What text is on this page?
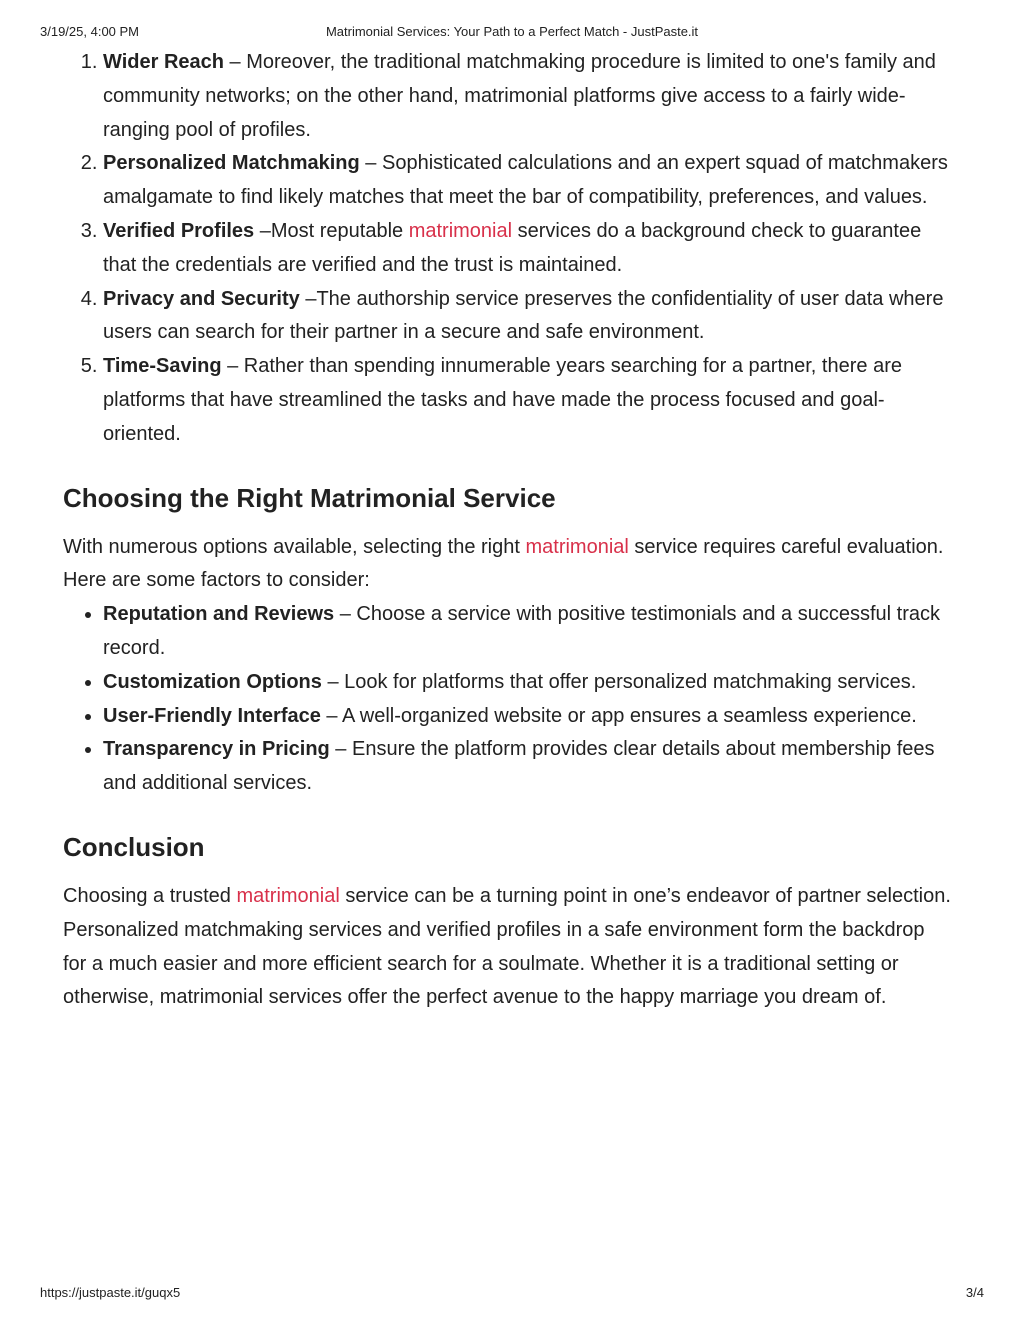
3/19/25, 4:00 PM	Matrimonial Services: Your Path to a Perfect Match - JustPaste.it
1. Wider Reach – Moreover, the traditional matchmaking procedure is limited to one's family and community networks; on the other hand, matrimonial platforms give access to a fairly wide-ranging pool of profiles.
2. Personalized Matchmaking – Sophisticated calculations and an expert squad of matchmakers amalgamate to find likely matches that meet the bar of compatibility, preferences, and values.
3. Verified Profiles –Most reputable matrimonial services do a background check to guarantee that the credentials are verified and the trust is maintained.
4. Privacy and Security –The authorship service preserves the confidentiality of user data where users can search for their partner in a secure and safe environment.
5. Time-Saving – Rather than spending innumerable years searching for a partner, there are platforms that have streamlined the tasks and have made the process focused and goal-oriented.
Choosing the Right Matrimonial Service

With numerous options available, selecting the right matrimonial service requires careful evaluation. Here are some factors to consider:

• Reputation and Reviews – Choose a service with positive testimonials and a successful track record.
• Customization Options – Look for platforms that offer personalized matchmaking services.
• User-Friendly Interface – A well-organized website or app ensures a seamless experience.
• Transparency in Pricing – Ensure the platform provides clear details about membership fees and additional services.
Conclusion

Choosing a trusted matrimonial service can be a turning point in one’s endeavor of partner selection. Personalized matchmaking services and verified profiles in a safe environment form the backdrop for a much easier and more efficient search for a soulmate. Whether it is a traditional setting or otherwise, matrimonial services offer the perfect avenue to the happy marriage you dream of.

https://justpaste.it/guqx5	3/4
